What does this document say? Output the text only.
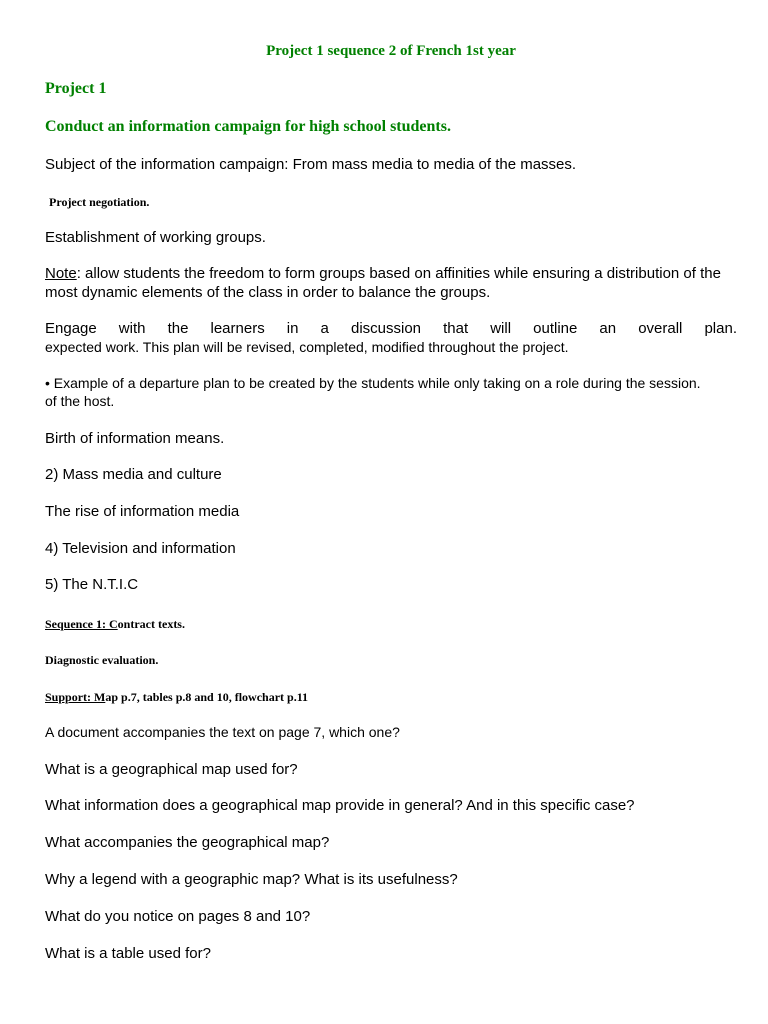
Project 1 sequence 2 of French 1st year
Project 1
Conduct an information campaign for high school students.
Subject of the information campaign: From mass media to media of the masses.
Project negotiation.
Establishment of working groups.
Note: allow students the freedom to form groups based on affinities while ensuring a distribution of the
most dynamic elements of the class in order to balance the groups.
Engage with the learners in a discussion that will outline an overall plan.
expected work. This plan will be revised, completed, modified throughout the project.
• Example of a departure plan to be created by the students while only taking on a role during the session.
of the host.
Birth of information means.
2) Mass media and culture
The rise of information media
4) Television and information
5) The N.T.I.C
Sequence 1: Contract texts.
Diagnostic evaluation.
Support: Map p.7, tables p.8 and 10, flowchart p.11
A document accompanies the text on page 7, which one?
What is a geographical map used for?
What information does a geographical map provide in general? And in this specific case?
What accompanies the geographical map?
Why a legend with a geographic map? What is its usefulness?
What do you notice on pages 8 and 10?
What is a table used for?
